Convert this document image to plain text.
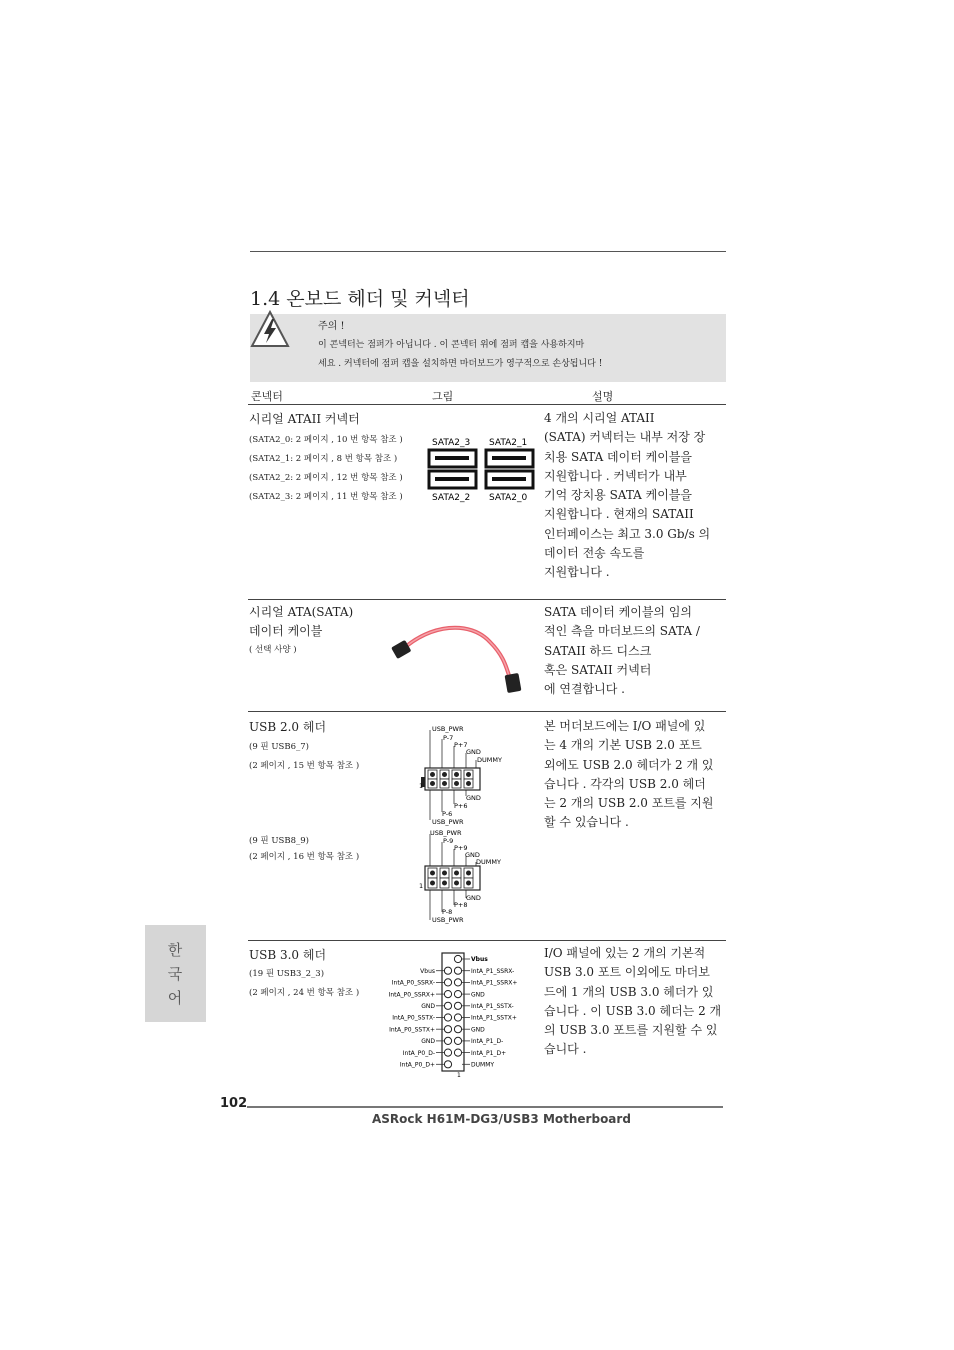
1.4 온보드 헤더 및 커넥터
주의 !
이 콘넥터는 점퍼가 아닙니다 . 이 콘넥터 위에 점퍼 캡을 사용하지마
세요 . 커넥터에 점퍼 캡을 설치하면 마더보드가 영구적으로 손상됩니다 !
콘넥터	그림	설명
시리얼 ATAII 커넥터
(SATA2_0: 2 페이지 , 10 번 항목 참조 )
(SATA2_1: 2 페이지 , 8 번 항목 참조 )
(SATA2_2: 2 페이지 , 12 번 항목 참조 )
(SATA2_3: 2 페이지 , 11 번 항목 참조 )
SATA2_3 SATA2_1
SATA2_2 SATA2_0
4 개의 시리얼 ATAII
(SATA) 커넥터는 내부 저장 장
치용 SATA 데이터 케이블을
지원합니다 . 커넥터가 내부
기억 장치용 SATA 케이블을
지원합니다 . 현재의 SATAII
인터페이스는 최고 3.0 Gb/s 의
데이터 전송 속도를
지원합니다 .
시리얼 ATA(SATA)
데이터 케이블
( 선택 사양 )
SATA 데이터 케이블의 임의
적인 측을 마더보드의 SATA /
SATAII 하드 디스크
혹은 SATAII 커넥터
에 연결합니다 .
USB 2.0 헤더
(9 핀 USB6_7)
(2 페이지 , 15 번 항목 참조 )
(9 핀 USB8_9)
(2 페이지 , 16 번 항목 참조 )
USB_PWR
P-7
P+7
GND
DUMMY
GND
P+6
P-6
USB_PWR
1
USB_PWR
P-9
P+9
GND
DUMMY
GND
P+8
P-8
USB_PWR
1
본 머더보드에는 I/O 패널에 있
는 4 개의 기본 USB 2.0 포트
외에도 USB 2.0 헤더가 2 개 있
습니다 . 각각의 USB 2.0 헤더
는 2 개의 USB 2.0 포트를 지원
할 수 있습니다 .
USB 3.0 헤더
(19 핀 USB3_2_3)
(2 페이지 , 24 번 항목 참조 )
Vbus
IntA_P1_SSRX-
IntA_P1_SSRX+
GND
IntA_P1_SSTX-
IntA_P1_SSTX+
GND
IntA_P1_D-
IntA_P1_D+
DUMMY
Vbus
IntA_P0_SSRX-
IntA_P0_SSRX+
GND
IntA_P0_SSTX-
IntA_P0_SSTX+
GND
IntA_P0_D-
IntA_P0_D+
1
I/O 패널에 있는 2 개의 기본적
USB 3.0 포트 이외에도 마더보
드에 1 개의 USB 3.0 헤더가 있
습니다 . 이 USB 3.0 헤더는 2 개
의 USB 3.0 포트를 지원할 수 있
습니다 .
한
국
어
102
ASRock H61M-DG3/USB3 Motherboard
